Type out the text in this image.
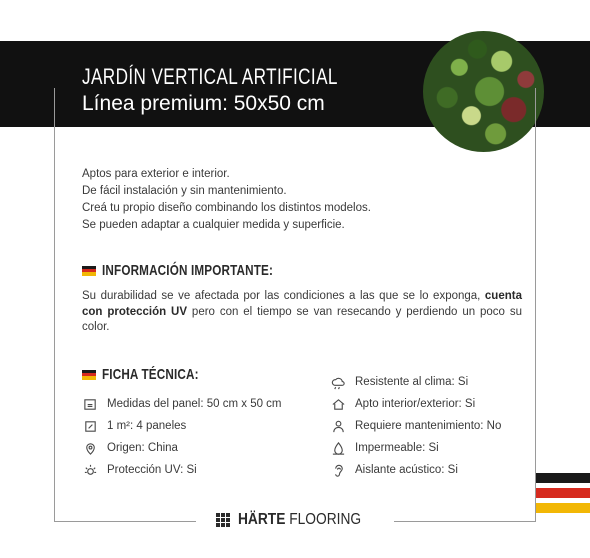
JARDÍN VERTICAL ARTIFICIAL
Línea premium: 50x50 cm

Aptos para exterior e interior.

De fácil instalación y sin mantenimiento.

Creá tu propio diseño combinando los distintos modelos.

Se pueden adaptar a cualquier medida y superficie.

INFORMACIÓN IMPORTANTE:
Su durabilidad se ve afectada por las condiciones a las que se lo exponga, cuenta con protección UV pero con el tiempo se van resecando y perdiendo un poco su color.
FICHA TÉCNICA:
Medidas del panel: 50 cm x 50 cm
1 m²: 4 paneles
Origen: China
Protección UV: Si
Resistente al clima: Si
Apto interior/exterior: Si
Requiere mantenimiento: No
Impermeable: Si
Aislante acústico: Si
HÄRTE FLOORING
